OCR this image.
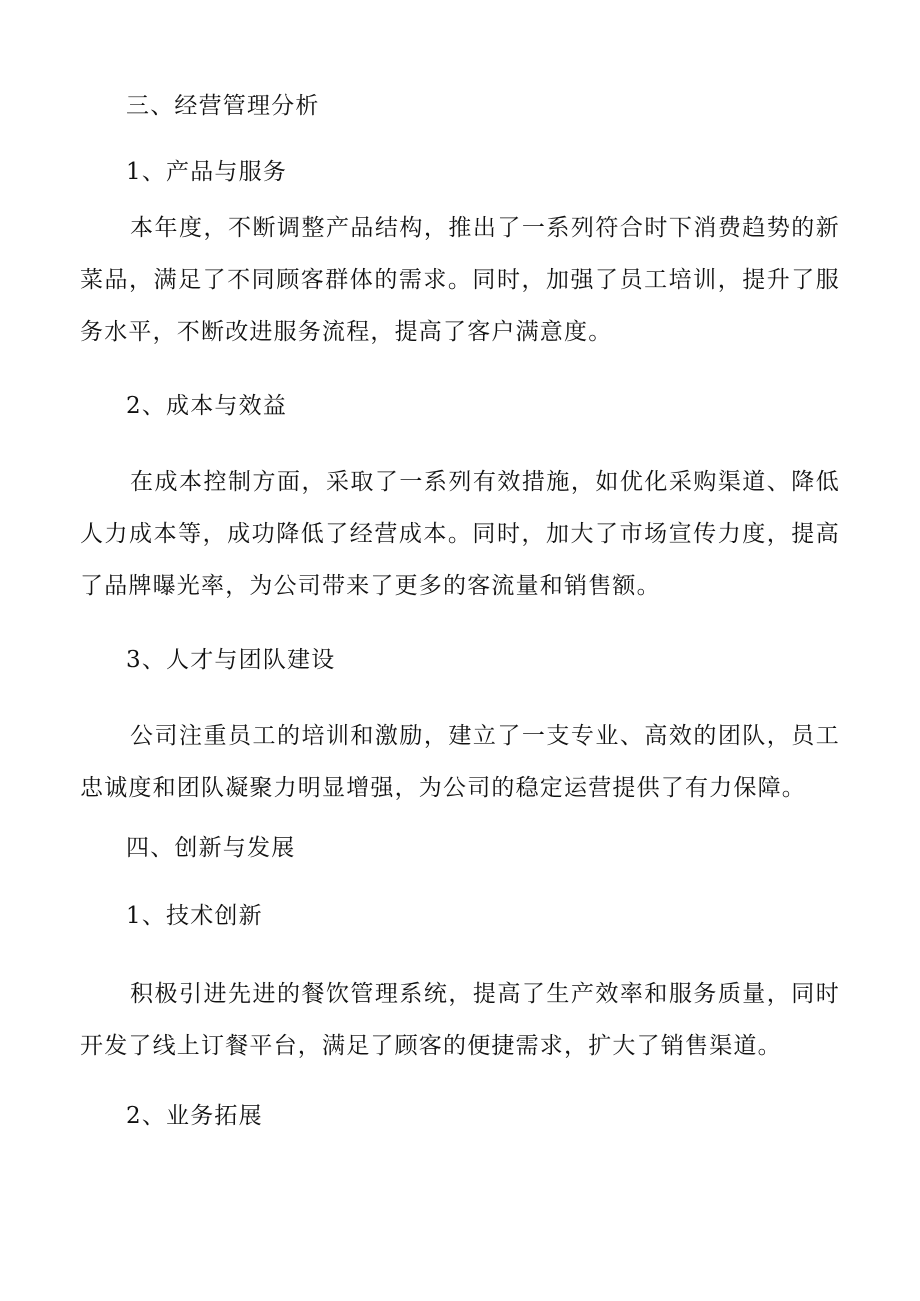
三、经营管理分析

1、产品与服务

本年度，不断调整产品结构，推出了一系列符合时下消费趋势的新菜品，满足了不同顾客群体的需求。同时，加强了员工培训，提升了服务水平，不断改进服务流程，提高了客户满意度。

2、成本与效益

在成本控制方面，采取了一系列有效措施，如优化采购渠道、降低人力成本等，成功降低了经营成本。同时，加大了市场宣传力度，提高了品牌曝光率，为公司带来了更多的客流量和销售额。

3、人才与团队建设

公司注重员工的培训和激励，建立了一支专业、高效的团队，员工忠诚度和团队凝聚力明显增强，为公司的稳定运营提供了有力保障。

四、创新与发展

1、技术创新

积极引进先进的餐饮管理系统，提高了生产效率和服务质量，同时开发了线上订餐平台，满足了顾客的便捷需求，扩大了销售渠道。

2、业务拓展
